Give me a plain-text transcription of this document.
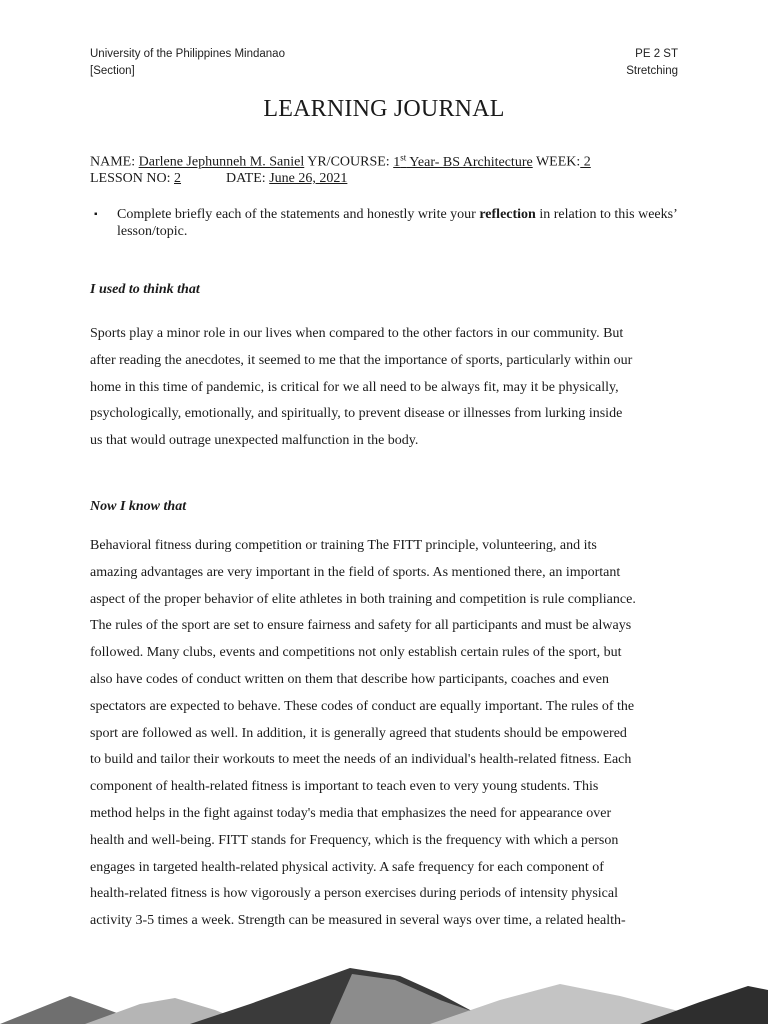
University of the Philippines Mindanao
[Section]
PE 2 ST
Stretching
LEARNING JOURNAL
NAME: Darlene Jephunneh M. Saniel YR/COURSE: 1st Year- BS Architecture WEEK: 2
LESSON NO: 2	DATE: June 26, 2021
▪ Complete briefly each of the statements and honestly write your reflection in relation to this weeks’ lesson/topic.
I used to think that
Sports play a minor role in our lives when compared to the other factors in our community. But
after reading the anecdotes, it seemed to me that the importance of sports, particularly within our
home in this time of pandemic, is critical for we all need to be always fit, may it be physically,
psychologically, emotionally, and spiritually, to prevent disease or illnesses from lurking inside
us that would outrage unexpected malfunction in the body.
Now I know that
Behavioral fitness during competition or training The FITT principle, volunteering, and its
amazing advantages are very important in the field of sports. As mentioned there, an important
aspect of the proper behavior of elite athletes in both training and competition is rule compliance.
The rules of the sport are set to ensure fairness and safety for all participants and must be always
followed. Many clubs, events and competitions not only establish certain rules of the sport, but
also have codes of conduct written on them that describe how participants, coaches and even
spectators are expected to behave. These codes of conduct are equally important. The rules of the
sport are followed as well. In addition, it is generally agreed that students should be empowered
to build and tailor their workouts to meet the needs of an individual's health-related fitness. Each
component of health-related fitness is important to teach even to very young students. This
method helps in the fight against today's media that emphasizes the need for appearance over
health and well-being. FITT stands for Frequency, which is the frequency with which a person
engages in targeted health-related physical activity. A safe frequency for each component of
health-related fitness is how vigorously a person exercises during periods of intensity physical
activity 3-5 times a week. Strength can be measured in several ways over time, a related health-
